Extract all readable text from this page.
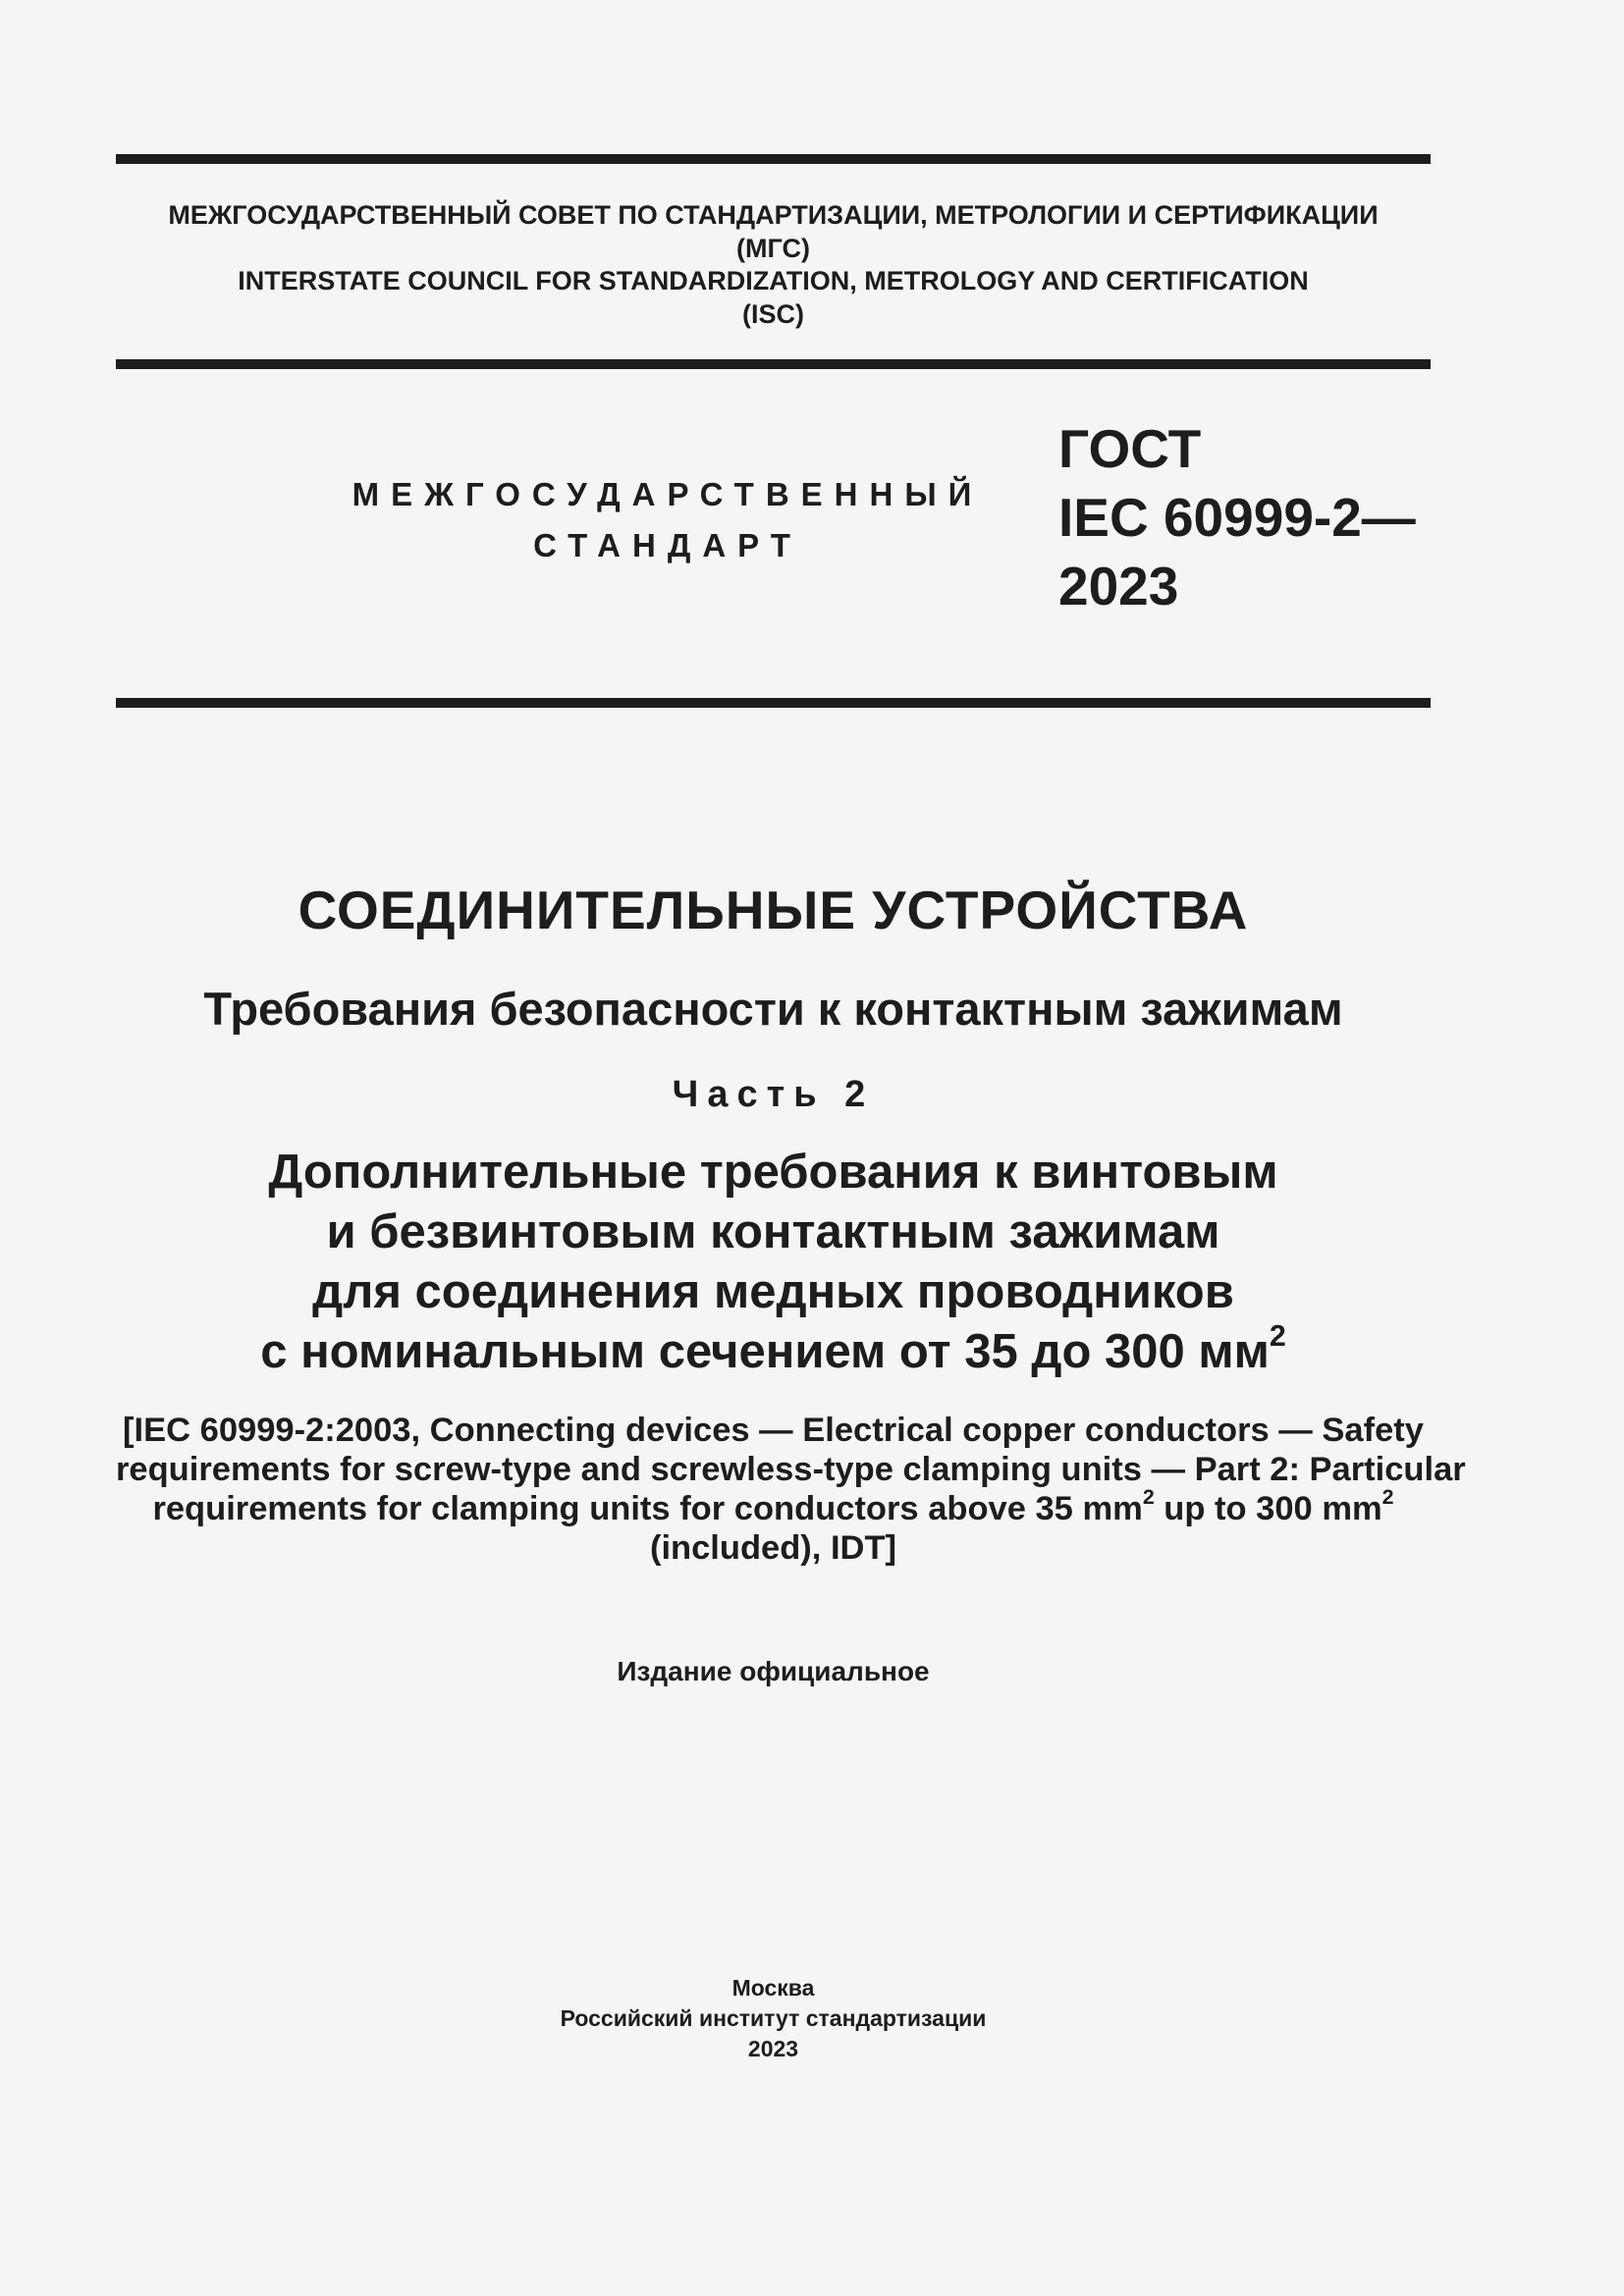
МЕЖГОСУДАРСТВЕННЫЙ СОВЕТ ПО СТАНДАРТИЗАЦИИ, МЕТРОЛОГИИ И СЕРТИФИКАЦИИ
(МГС)
INTERSTATE COUNCIL FOR STANDARDIZATION, METROLOGY AND CERTIFICATION
(ISC)
МЕЖГОСУДАРСТВЕННЫЙ
СТАНДАРТ
ГОСТ
IEC 60999-2—
2023
СОЕДИНИТЕЛЬНЫЕ УСТРОЙСТВА
Требования безопасности к контактным зажимам
Часть 2
Дополнительные требования к винтовым
и безвинтовым контактным зажимам
для соединения медных проводников
с номинальным сечением от 35 до 300 $мм^2$
[IEC 60999-2:2003, Connecting devices — Electrical copper conductors — Safety
requirements for screw-type and screwless-type clamping units — Part 2: Particular
requirements for clamping units for conductors above 35 $mm^2$ up to 300 $mm^2$
(included), IDT]
Издание официальное
Москва
Российский институт стандартизации
2023
